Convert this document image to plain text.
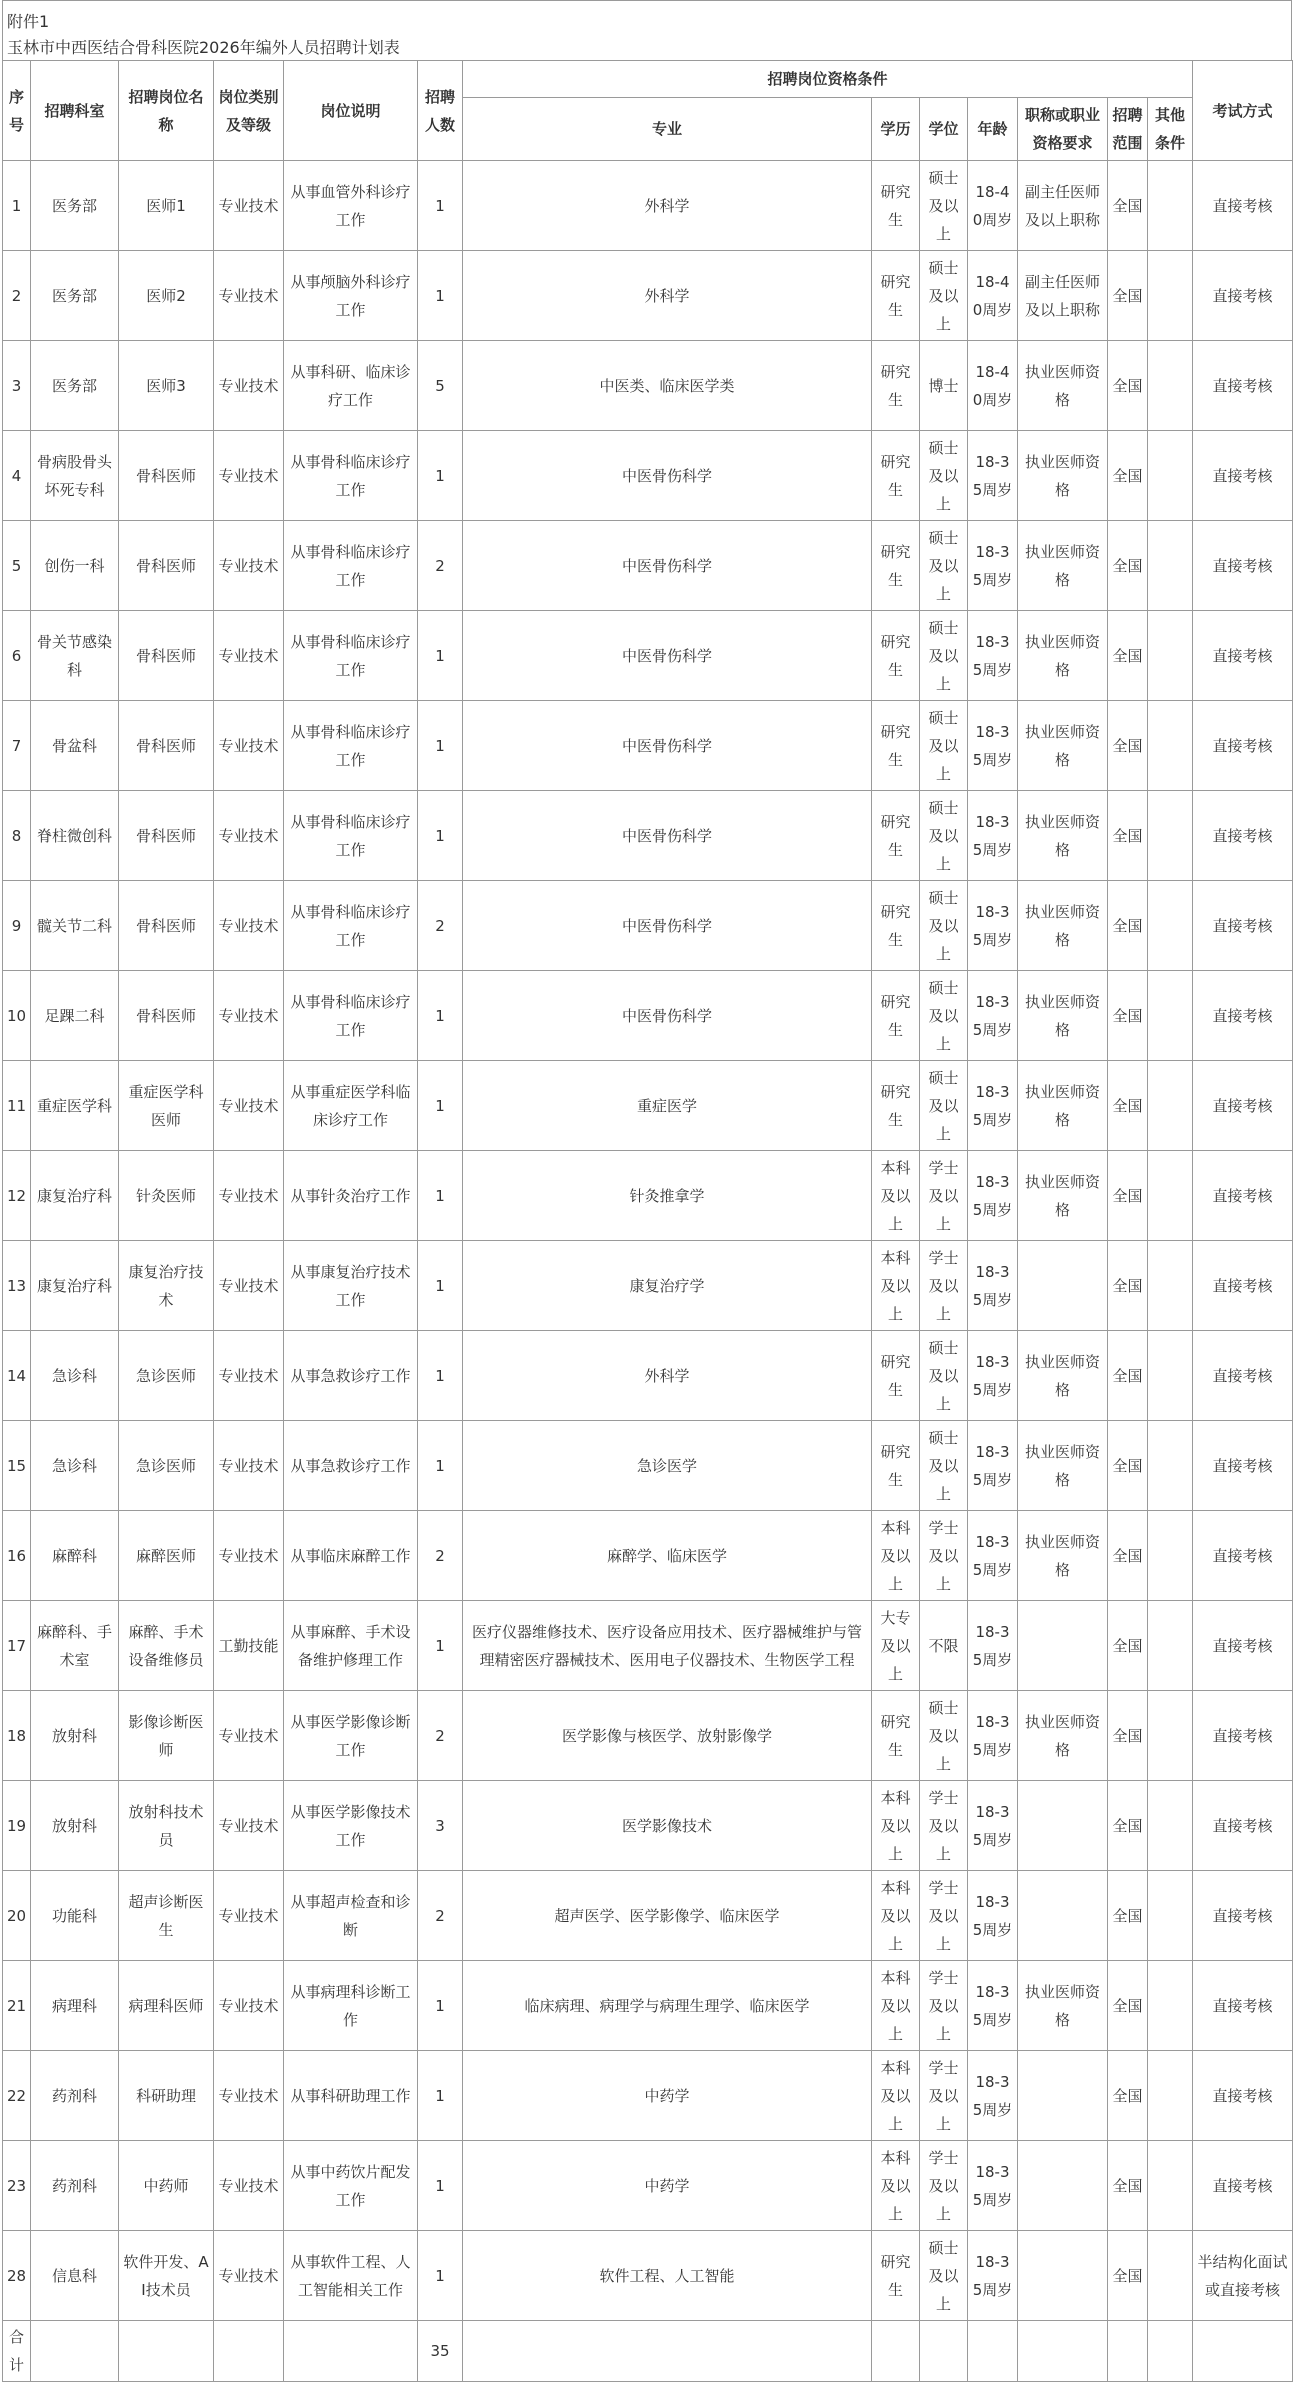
附件1
玉林市中西医结合骨科医院2026年编外人员招聘计划表
序号	招聘科室	招聘岗位名称	岗位类别及等级	岗位说明	招聘人数	招聘岗位资格条件							考试方式
						专业	学历	学位	年龄	职称或职业资格要求	招聘范围	其他条件	
1	医务部	医师1	专业技术	从事血管外科诊疗工作	1	外科学	研究生	硕士及以上	18-40周岁	副主任医师及以上职称	全国		直接考核
2	医务部	医师2	专业技术	从事颅脑外科诊疗工作	1	外科学	研究生	硕士及以上	18-40周岁	副主任医师及以上职称	全国		直接考核
3	医务部	医师3	专业技术	从事科研、临床诊疗工作	5	中医类、临床医学类	研究生	博士	18-40周岁	执业医师资格	全国		直接考核
4	骨病股骨头坏死专科	骨科医师	专业技术	从事骨科临床诊疗工作	1	中医骨伤科学	研究生	硕士及以上	18-35周岁	执业医师资格	全国		直接考核
5	创伤一科	骨科医师	专业技术	从事骨科临床诊疗工作	2	中医骨伤科学	研究生	硕士及以上	18-35周岁	执业医师资格	全国		直接考核
6	骨关节感染科	骨科医师	专业技术	从事骨科临床诊疗工作	1	中医骨伤科学	研究生	硕士及以上	18-35周岁	执业医师资格	全国		直接考核
7	骨盆科	骨科医师	专业技术	从事骨科临床诊疗工作	1	中医骨伤科学	研究生	硕士及以上	18-35周岁	执业医师资格	全国		直接考核
8	脊柱微创科	骨科医师	专业技术	从事骨科临床诊疗工作	1	中医骨伤科学	研究生	硕士及以上	18-35周岁	执业医师资格	全国		直接考核
9	髋关节二科	骨科医师	专业技术	从事骨科临床诊疗工作	2	中医骨伤科学	研究生	硕士及以上	18-35周岁	执业医师资格	全国		直接考核
10	足踝二科	骨科医师	专业技术	从事骨科临床诊疗工作	1	中医骨伤科学	研究生	硕士及以上	18-35周岁	执业医师资格	全国		直接考核
11	重症医学科	重症医学科医师	专业技术	从事重症医学科临床诊疗工作	1	重症医学	研究生	硕士及以上	18-35周岁	执业医师资格	全国		直接考核
12	康复治疗科	针灸医师	专业技术	从事针灸治疗工作	1	针灸推拿学	本科及以上	学士及以上	18-35周岁	执业医师资格	全国		直接考核
13	康复治疗科	康复治疗技术	专业技术	从事康复治疗技术工作	1	康复治疗学	本科及以上	学士及以上	18-35周岁		全国		直接考核
14	急诊科	急诊医师	专业技术	从事急救诊疗工作	1	外科学	研究生	硕士及以上	18-35周岁	执业医师资格	全国		直接考核
15	急诊科	急诊医师	专业技术	从事急救诊疗工作	1	急诊医学	研究生	硕士及以上	18-35周岁	执业医师资格	全国		直接考核
16	麻醉科	麻醉医师	专业技术	从事临床麻醉工作	2	麻醉学、临床医学	本科及以上	学士及以上	18-35周岁	执业医师资格	全国		直接考核
17	麻醉科、手术室	麻醉、手术设备维修员	工勤技能	从事麻醉、手术设备维护修理工作	1	医疗仪器维修技术、医疗设备应用技术、医疗器械维护与管理精密医疗器械技术、医用电子仪器技术、生物医学工程	大专及以上	不限	18-35周岁		全国		直接考核
18	放射科	影像诊断医师	专业技术	从事医学影像诊断工作	2	医学影像与核医学、放射影像学	研究生	硕士及以上	18-35周岁	执业医师资格	全国		直接考核
19	放射科	放射科技术员	专业技术	从事医学影像技术工作	3	医学影像技术	本科及以上	学士及以上	18-35周岁		全国		直接考核
20	功能科	超声诊断医生	专业技术	从事超声检查和诊断	2	超声医学、医学影像学、临床医学	本科及以上	学士及以上	18-35周岁		全国		直接考核
21	病理科	病理科医师	专业技术	从事病理科诊断工作	1	临床病理、病理学与病理生理学、临床医学	本科及以上	学士及以上	18-35周岁	执业医师资格	全国		直接考核
22	药剂科	科研助理	专业技术	从事科研助理工作	1	中药学	本科及以上	学士及以上	18-35周岁		全国		直接考核
23	药剂科	中药师	专业技术	从事中药饮片配发工作	1	中药学	本科及以上	学士及以上	18-35周岁		全国		直接考核
28	信息科	软件开发、AI技术员	专业技术	从事软件工程、人工智能相关工作	1	软件工程、人工智能	研究生	硕士及以上	18-35周岁		全国		半结构化面试或直接考核
合计					35								
